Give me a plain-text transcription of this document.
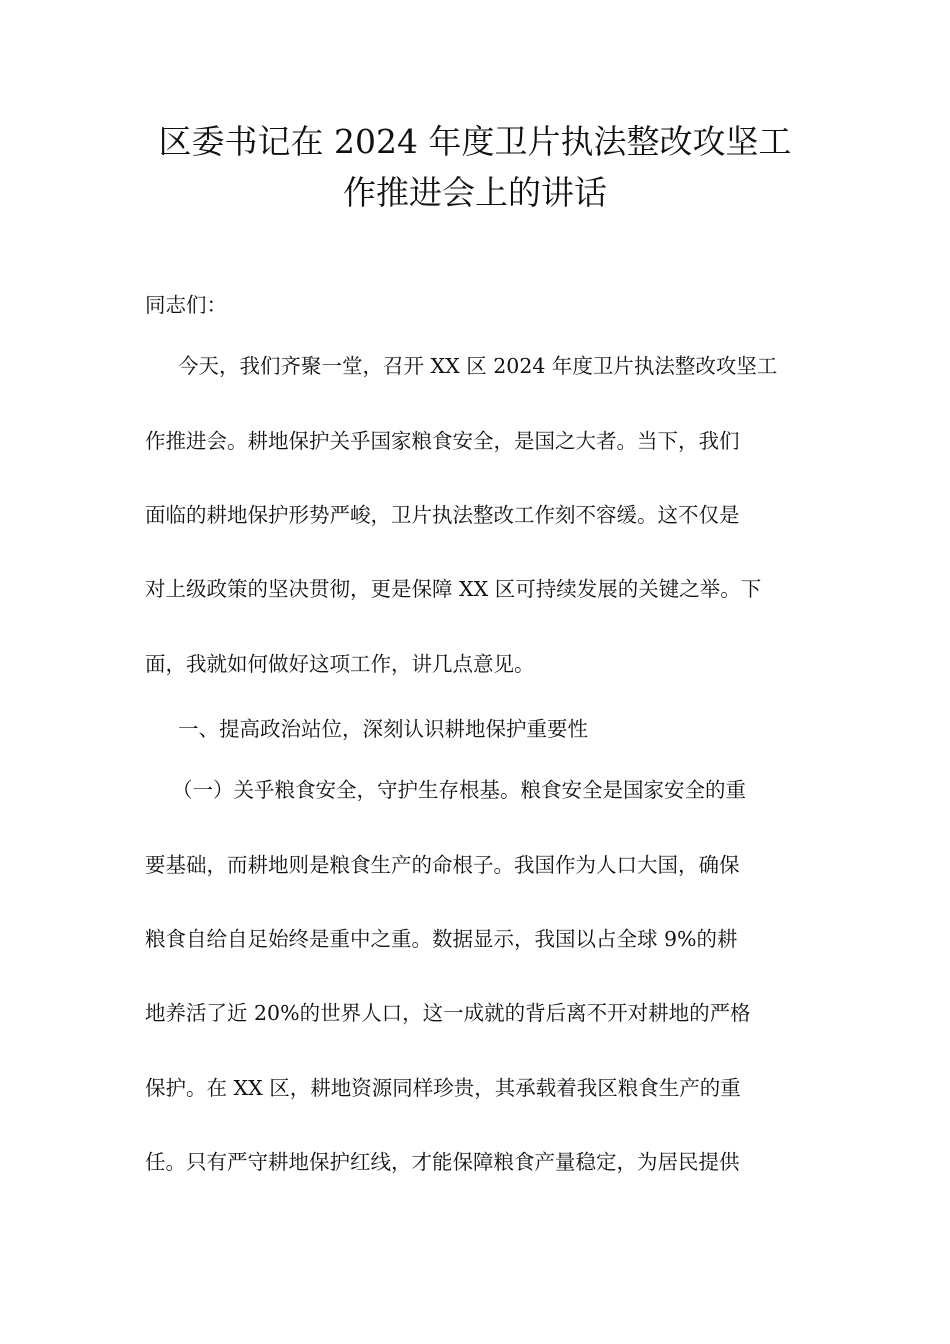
区委书记在 2024 年度卫片执法整改攻坚工
作推进会上的讲话

同志们：

今天，我们齐聚一堂，召开 XX 区 2024 年度卫片执法整改攻坚工

作推进会。耕地保护关乎国家粮食安全，是国之大者。当下，我们

面临的耕地保护形势严峻，卫片执法整改工作刻不容缓。这不仅是

对上级政策的坚决贯彻，更是保障 XX 区可持续发展的关键之举。下

面，我就如何做好这项工作，讲几点意见。

一、提高政治站位，深刻认识耕地保护重要性

（一）关乎粮食安全，守护生存根基。粮食安全是国家安全的重

要基础，而耕地则是粮食生产的命根子。我国作为人口大国，确保

粮食自给自足始终是重中之重。数据显示，我国以占全球 9%的耕

地养活了近 20%的世界人口，这一成就的背后离不开对耕地的严格

保护。在 XX 区，耕地资源同样珍贵，其承载着我区粮食生产的重

任。只有严守耕地保护红线，才能保障粮食产量稳定，为居民提供
